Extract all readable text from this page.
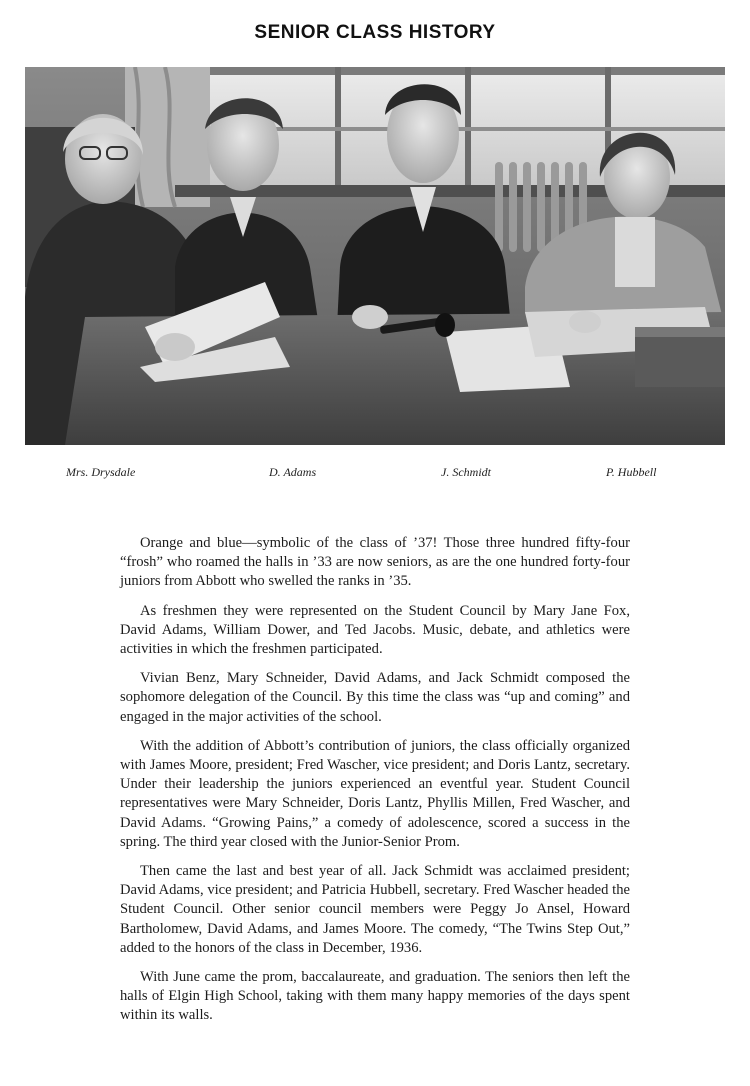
SENIOR CLASS HISTORY
Mrs. Drysdale	D. Adams	J. Schmidt	P. Hubbell

Orange and blue—symbolic of the class of ’37! Those three hundred fifty-four “frosh” who roamed the halls in ’33 are now seniors, as are the one hundred forty-four juniors from Abbott who swelled the ranks in ’35.

As freshmen they were represented on the Student Council by Mary Jane Fox, David Adams, William Dower, and Ted Jacobs. Music, debate, and athletics were activities in which the freshmen participated.

Vivian Benz, Mary Schneider, David Adams, and Jack Schmidt composed the sophomore delegation of the Council. By this time the class was “up and coming” and engaged in the major activities of the school.

With the addition of Abbott’s contribution of juniors, the class officially organized with James Moore, president; Fred Wascher, vice president; and Doris Lantz, secretary. Under their leadership the juniors experienced an eventful year. Student Council representatives were Mary Schneider, Doris Lantz, Phyllis Millen, Fred Wascher, and David Adams. “Growing Pains,” a comedy of adolescence, scored a success in the spring. The third year closed with the Junior-Senior Prom.

Then came the last and best year of all. Jack Schmidt was acclaimed president; David Adams, vice president; and Patricia Hubbell, secretary. Fred Wascher headed the Student Council. Other senior council members were Peggy Jo Ansel, Howard Bartholomew, David Adams, and James Moore. The comedy, “The Twins Step Out,” added to the honors of the class in December, 1936.

With June came the prom, baccalaureate, and graduation. The seniors then left the halls of Elgin High School, taking with them many happy memories of the days spent within its walls.
